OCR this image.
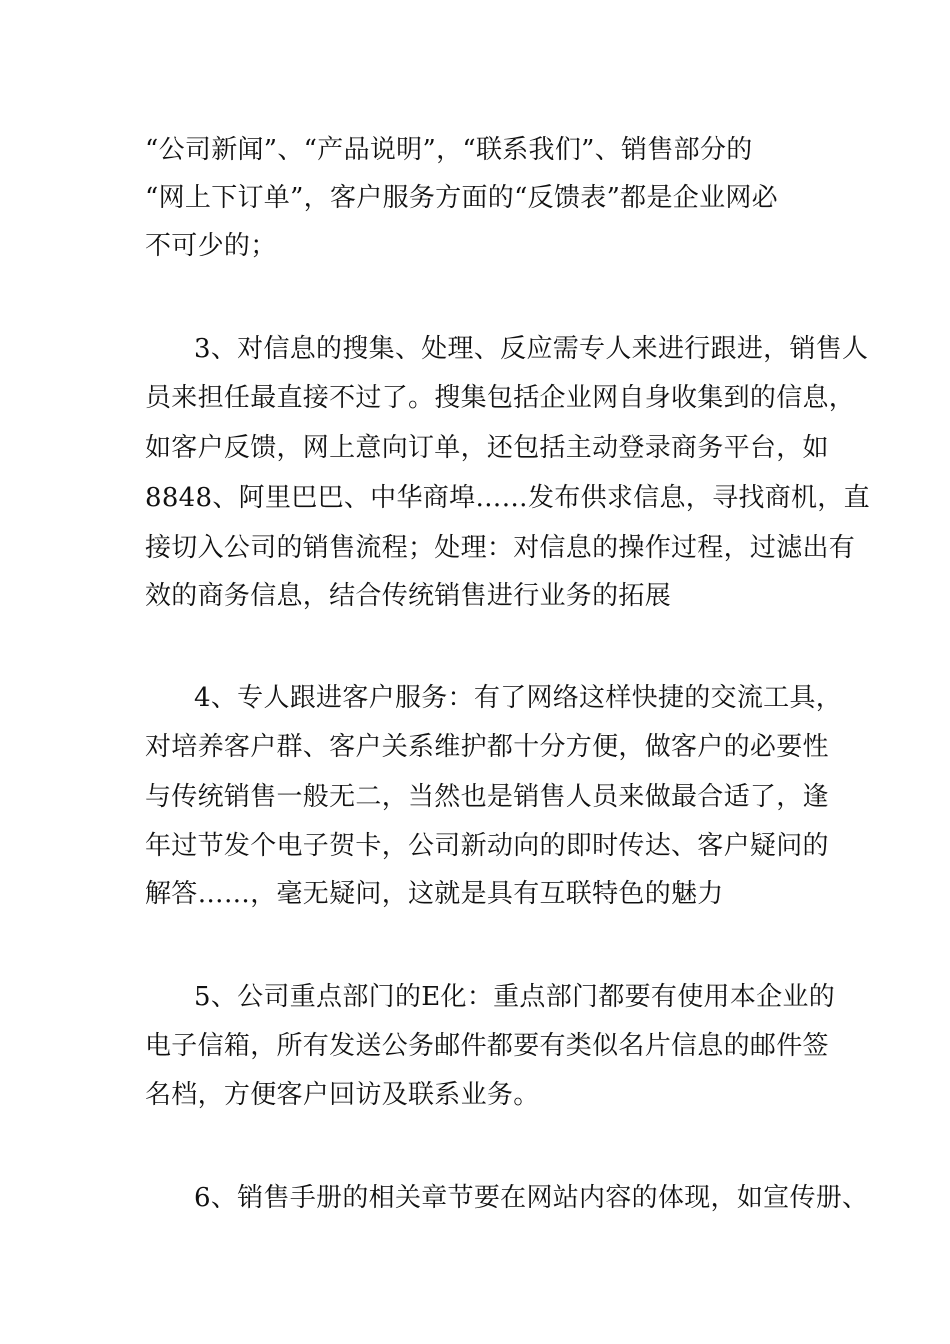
“公司新闻”、“产品说明”，“联系我们”、销售部分的
“网上下订单”，客户服务方面的“反馈表”都是企业网必
不可少的；
3、对信息的搜集、处理、反应需专人来进行跟进，销售人
员来担任最直接不过了。搜集包括企业网自身收集到的信息，
如客户反馈，网上意向订单，还包括主动登录商务平台，如
8848、阿里巴巴、中华商埠……发布供求信息，寻找商机，直
接切入公司的销售流程；处理：对信息的操作过程，过滤出有
效的商务信息，结合传统销售进行业务的拓展
4、专人跟进客户服务：有了网络这样快捷的交流工具，
对培养客户群、客户关系维护都十分方便，做客户的必要性
与传统销售一般无二，当然也是销售人员来做最合适了，逢
年过节发个电子贺卡，公司新动向的即时传达、客户疑问的
解答……，毫无疑问，这就是具有互联特色的魅力
5、公司重点部门的E化：重点部门都要有使用本企业的
电子信箱，所有发送公务邮件都要有类似名片信息的邮件签
名档，方便客户回访及联系业务。
6、销售手册的相关章节要在网站内容的体现，如宣传册、
